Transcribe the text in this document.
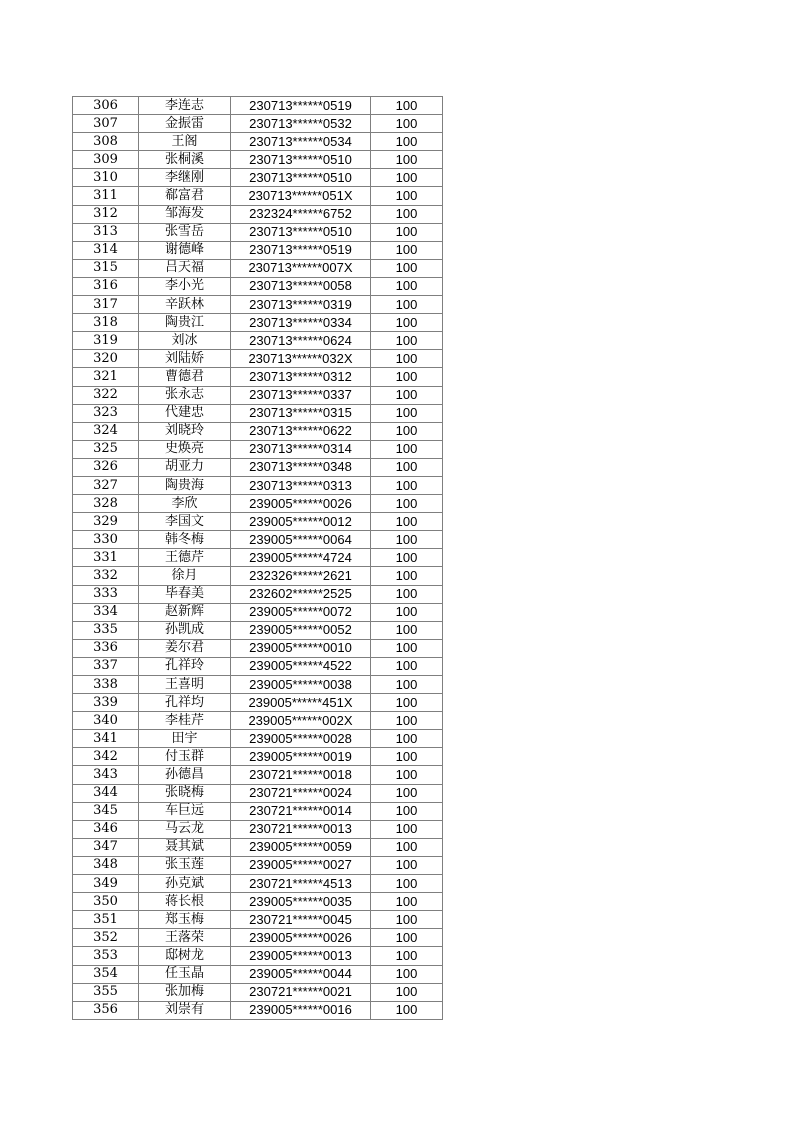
306	李连志	230713******0519	100
307	金振雷	230713******0532	100
308	王阁	230713******0534	100
309	张桐溪	230713******0510	100
310	李继刚	230713******0510	100
311	郗富君	230713******051X	100
312	邹海发	232324******6752	100
313	张雪岳	230713******0510	100
314	谢德峰	230713******0519	100
315	吕天福	230713******007X	100
316	李小光	230713******0058	100
317	辛跃林	230713******0319	100
318	陶贵江	230713******0334	100
319	刘冰	230713******0624	100
320	刘陆娇	230713******032X	100
321	曹德君	230713******0312	100
322	张永志	230713******0337	100
323	代建忠	230713******0315	100
324	刘晓玲	230713******0622	100
325	史焕亮	230713******0314	100
326	胡亚力	230713******0348	100
327	陶贵海	230713******0313	100
328	李欣	239005******0026	100
329	李国文	239005******0012	100
330	韩冬梅	239005******0064	100
331	王德芹	239005******4724	100
332	徐月	232326******2621	100
333	毕春美	232602******2525	100
334	赵新辉	239005******0072	100
335	孙凯成	239005******0052	100
336	姜尔君	239005******0010	100
337	孔祥玲	239005******4522	100
338	王喜明	239005******0038	100
339	孔祥均	239005******451X	100
340	李桂芹	239005******002X	100
341	田宇	239005******0028	100
342	付玉群	239005******0019	100
343	孙德昌	230721******0018	100
344	张晓梅	230721******0024	100
345	车巨远	230721******0014	100
346	马云龙	230721******0013	100
347	聂其斌	239005******0059	100
348	张玉莲	239005******0027	100
349	孙克斌	230721******4513	100
350	蒋长根	239005******0035	100
351	郑玉梅	230721******0045	100
352	王落荣	239005******0026	100
353	邸树龙	239005******0013	100
354	任玉晶	239005******0044	100
355	张加梅	230721******0021	100
356	刘崇有	239005******0016	100
